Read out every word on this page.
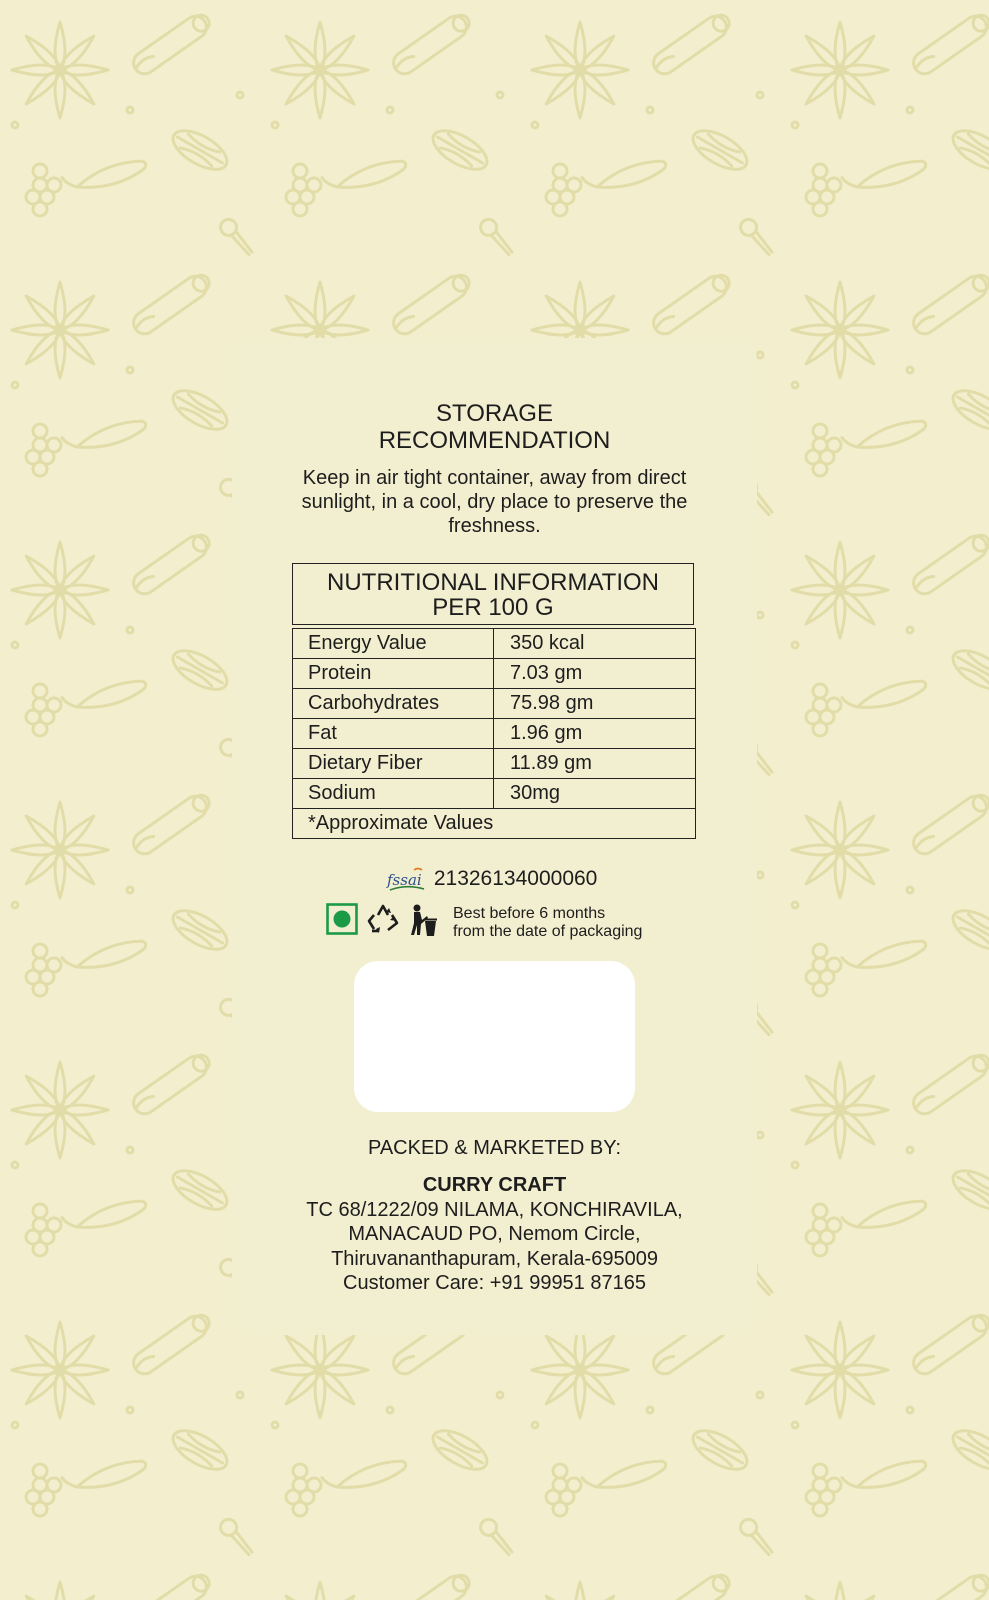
STORAGE
RECOMMENDATION
Keep in air tight container, away from direct sunlight, in a cool, dry place to preserve the freshness.
NUTRITIONAL INFORMATION
PER 100 G
Energy Value	350 kcal
Protein	7.03 gm
Carbohydrates	75.98 gm
Fat	1.96 gm
Dietary Fiber	11.89 gm
Sodium	30mg
*Approximate Values	
fssai 21326134000060
Best before 6 months
from the date of packaging
PACKED & MARKETED BY:
CURRY CRAFT
TC 68/1222/09 NILAMA, KONCHIRAVILA,
MANACAUD PO, Nemom Circle,
Thiruvananthapuram, Kerala-695009
Customer Care: +91 99951 87165
